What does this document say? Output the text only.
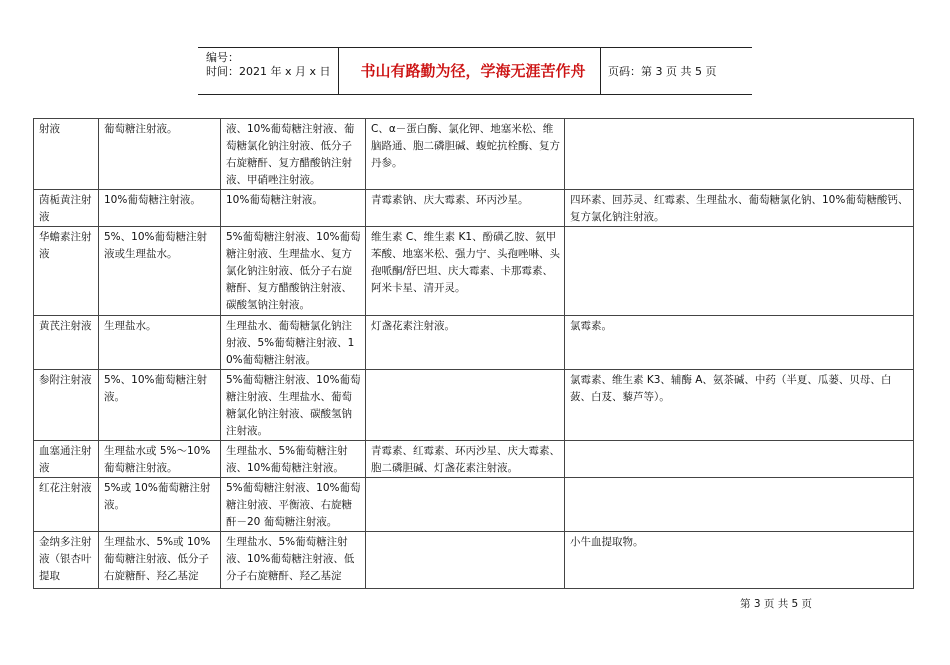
编号：
时间：2021 年 x 月 x 日	书山有路勤为径，学海无涯苦作舟	页码：第 3 页 共 5 页
射液	葡萄糖注射液。	液、10%葡萄糖注射液、葡萄糖氯化钠注射液、低分子右旋糖酐、复方醋酸钠注射液、甲硝唑注射液。	C、α－蛋白酶、氯化钾、地塞米松、维脑路通、胞二磷胆碱、蝮蛇抗栓酶、复方丹参。	
茵栀黄注射液	10%葡萄糖注射液。	10%葡萄糖注射液。	青霉素钠、庆大霉素、环丙沙星。	四环素、回苏灵、红霉素、生理盐水、葡萄糖氯化钠、10%葡萄糖酸钙、复方氯化钠注射液。
华蟾素注射液	5%、10%葡萄糖注射液或生理盐水。	5%葡萄糖注射液、10%葡萄糖注射液、生理盐水、复方氯化钠注射液、低分子右旋糖酐、复方醋酸钠注射液、碳酸氢钠注射液。	维生素 C、维生素 K1、酚磺乙胺、氨甲苯酸、地塞米松、强力宁、头孢唑啉、头孢哌酮/舒巴坦、庆大霉素、卡那霉素、阿米卡星、清开灵。	
黄芪注射液	生理盐水。	生理盐水、葡萄糖氯化钠注射液、5%葡萄糖注射液、10%葡萄糖注射液。	灯盏花素注射液。	氯霉素。
参附注射液	5%、10%葡萄糖注射液。	5%葡萄糖注射液、10%葡萄糖注射液、生理盐水、葡萄糖氯化钠注射液、碳酸氢钠注射液。		氯霉素、维生素 K3、辅酶 A、氨茶碱、中药（半夏、瓜蒌、贝母、白蔹、白芨、藜芦等）。
血塞通注射液	生理盐水或 5%～10%葡萄糖注射液。	生理盐水、5%葡萄糖注射液、10%葡萄糖注射液。	青霉素、红霉素、环丙沙星、庆大霉素、胞二磷胆碱、灯盏花素注射液。	
红花注射液	5%或 10%葡萄糖注射液。	5%葡萄糖注射液、10%葡萄糖注射液、平衡液、右旋糖酐－20 葡萄糖注射液。		
金纳多注射液（银杏叶提取	生理盐水、5%或 10%葡萄糖注射液、低分子右旋糖酐、羟乙基淀	生理盐水、5%葡萄糖注射液、10%葡萄糖注射液、低分子右旋糖酐、羟乙基淀		小牛血提取物。
第 3 页 共 5 页
